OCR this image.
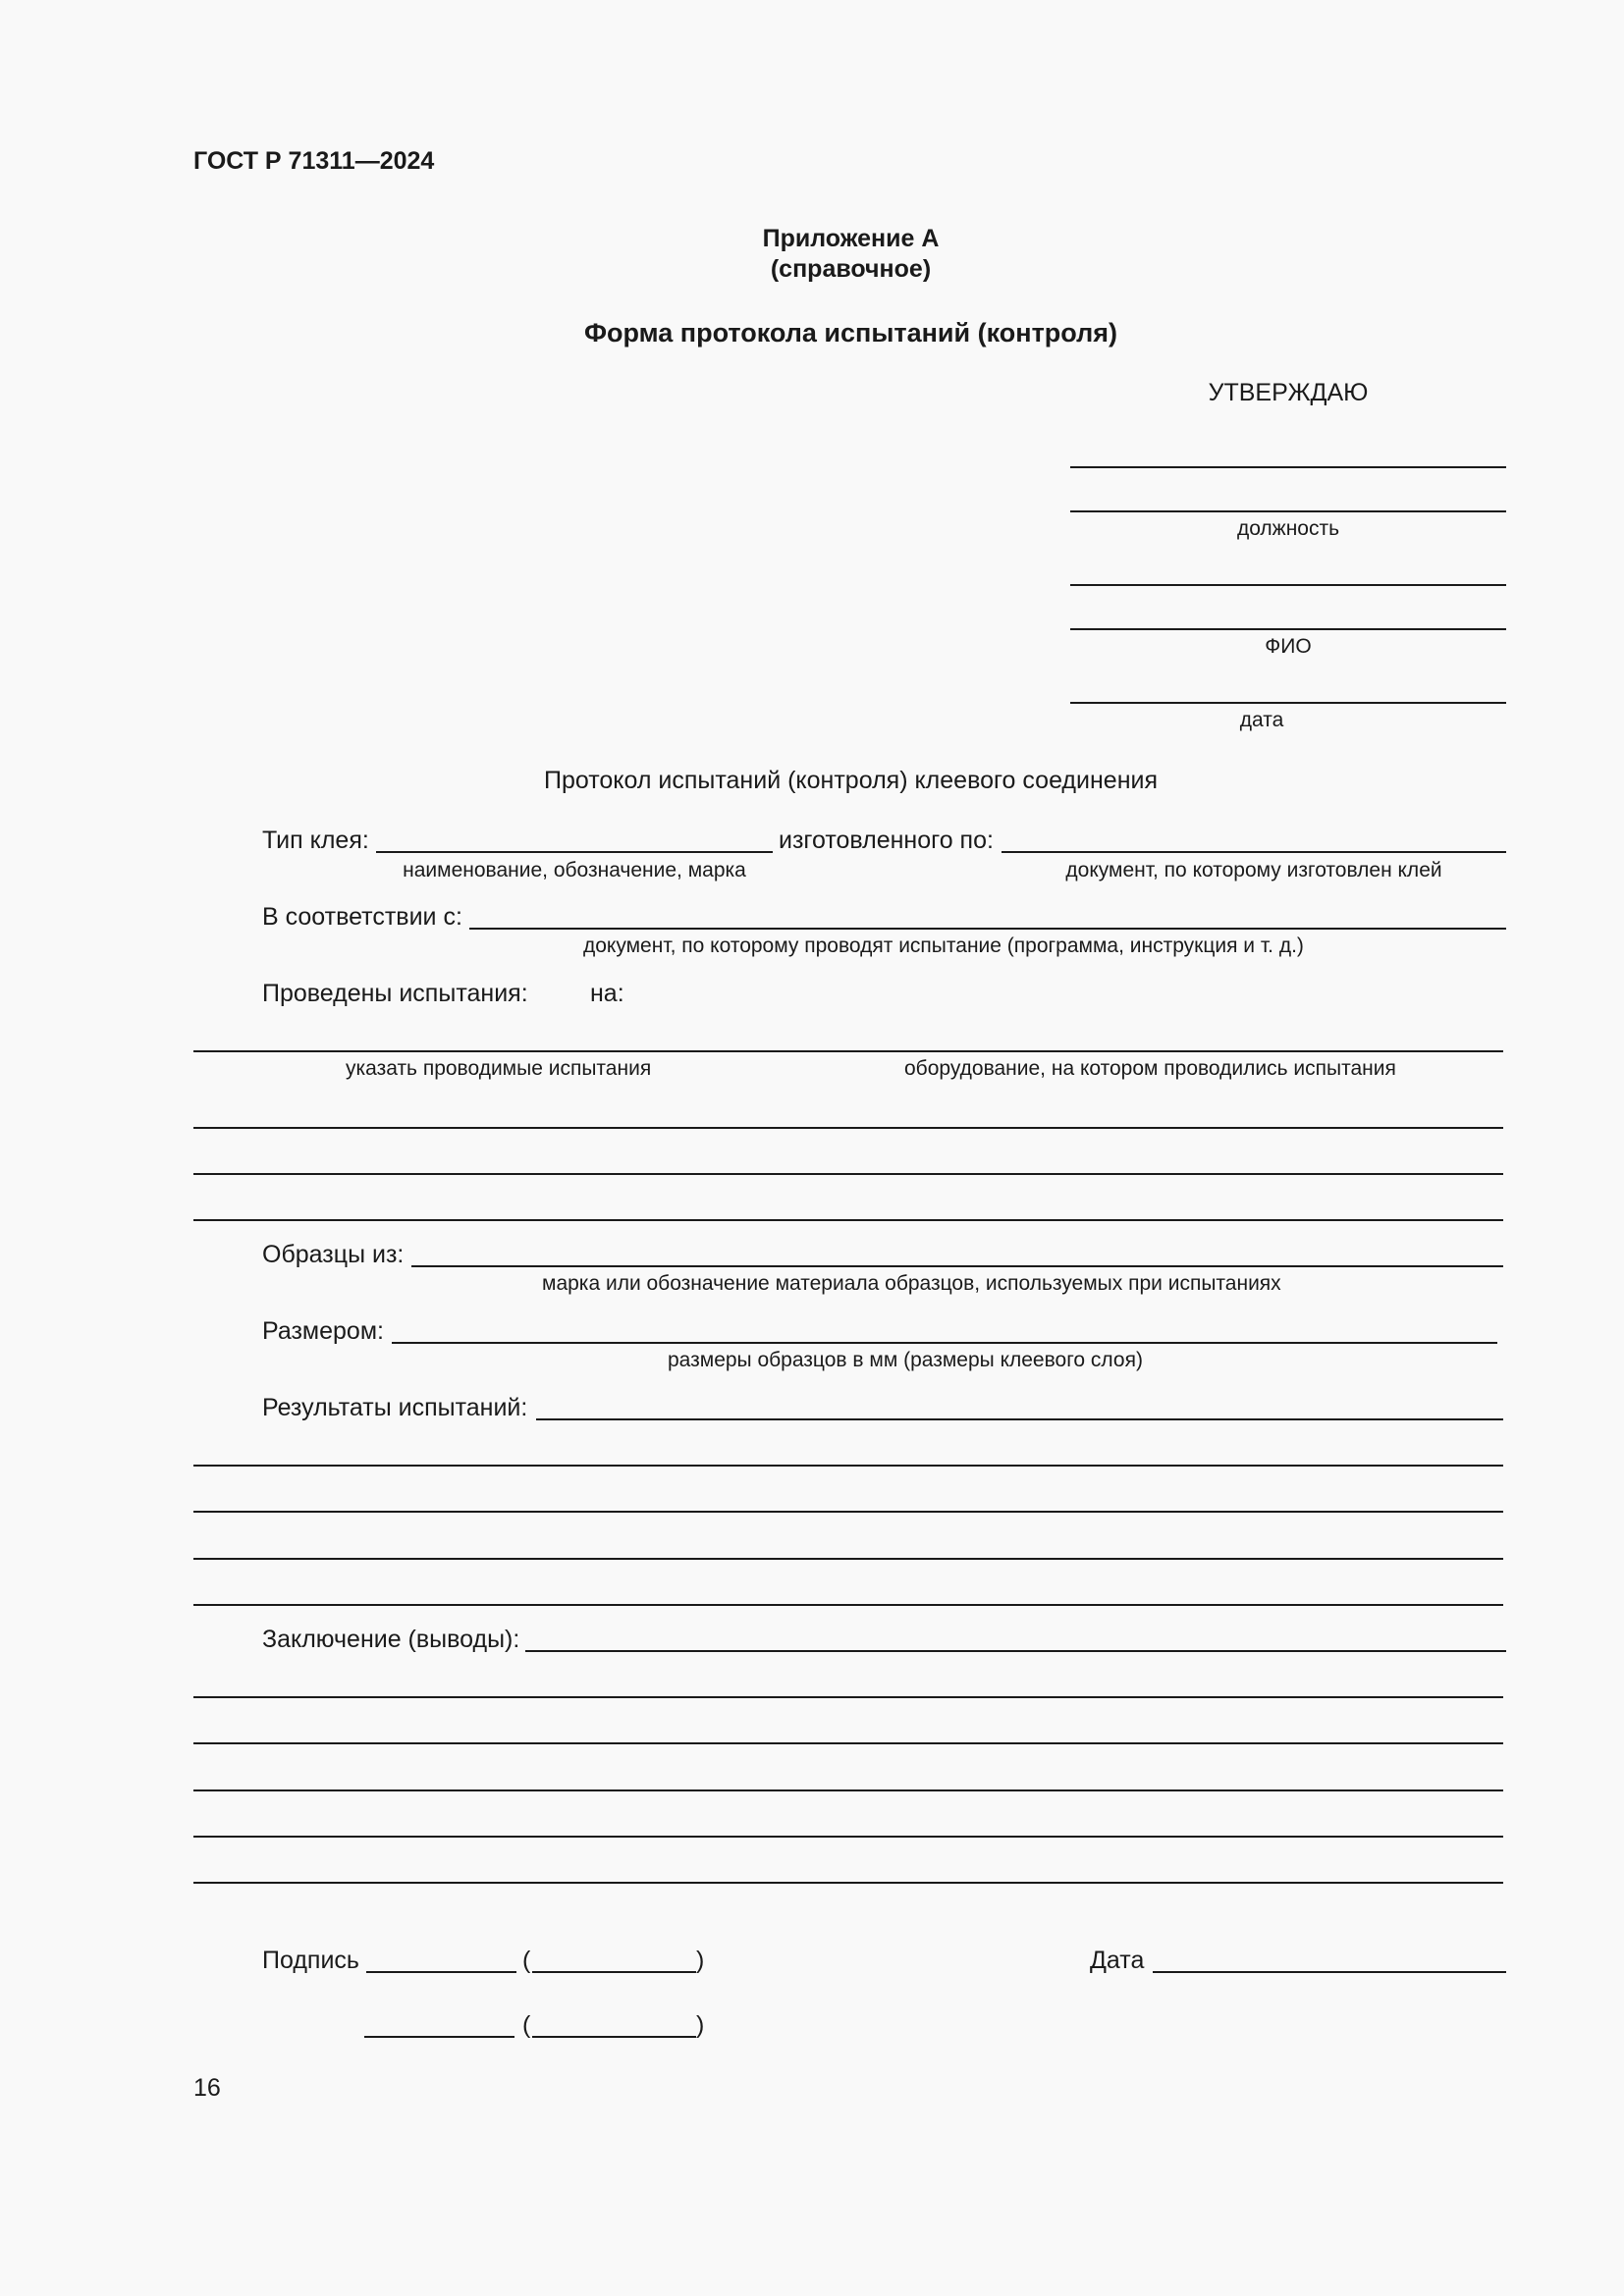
ГОСТ Р 71311—2024
Приложение А
(справочное)
Форма протокола испытаний (контроля)
УТВЕРЖДАЮ
должность
ФИО
дата
Протокол испытаний (контроля) клеевого соединения
Тип клея:
наименование, обозначение, марка
изготовленного по:
документ, по которому изготовлен клей
В соответствии с:
документ, по которому проводят испытание (программа, инструкция и т. д.)
Проведены испытания:	на:
указать проводимые испытания	оборудование, на котором проводились испытания
Образцы из:
марка или обозначение материала образцов, используемых при испытаниях
Размером:
размеры образцов в мм (размеры клеевого слоя)
Результаты испытаний:
Заключение (выводы):
Подпись	(	)	Дата
(	)
16
